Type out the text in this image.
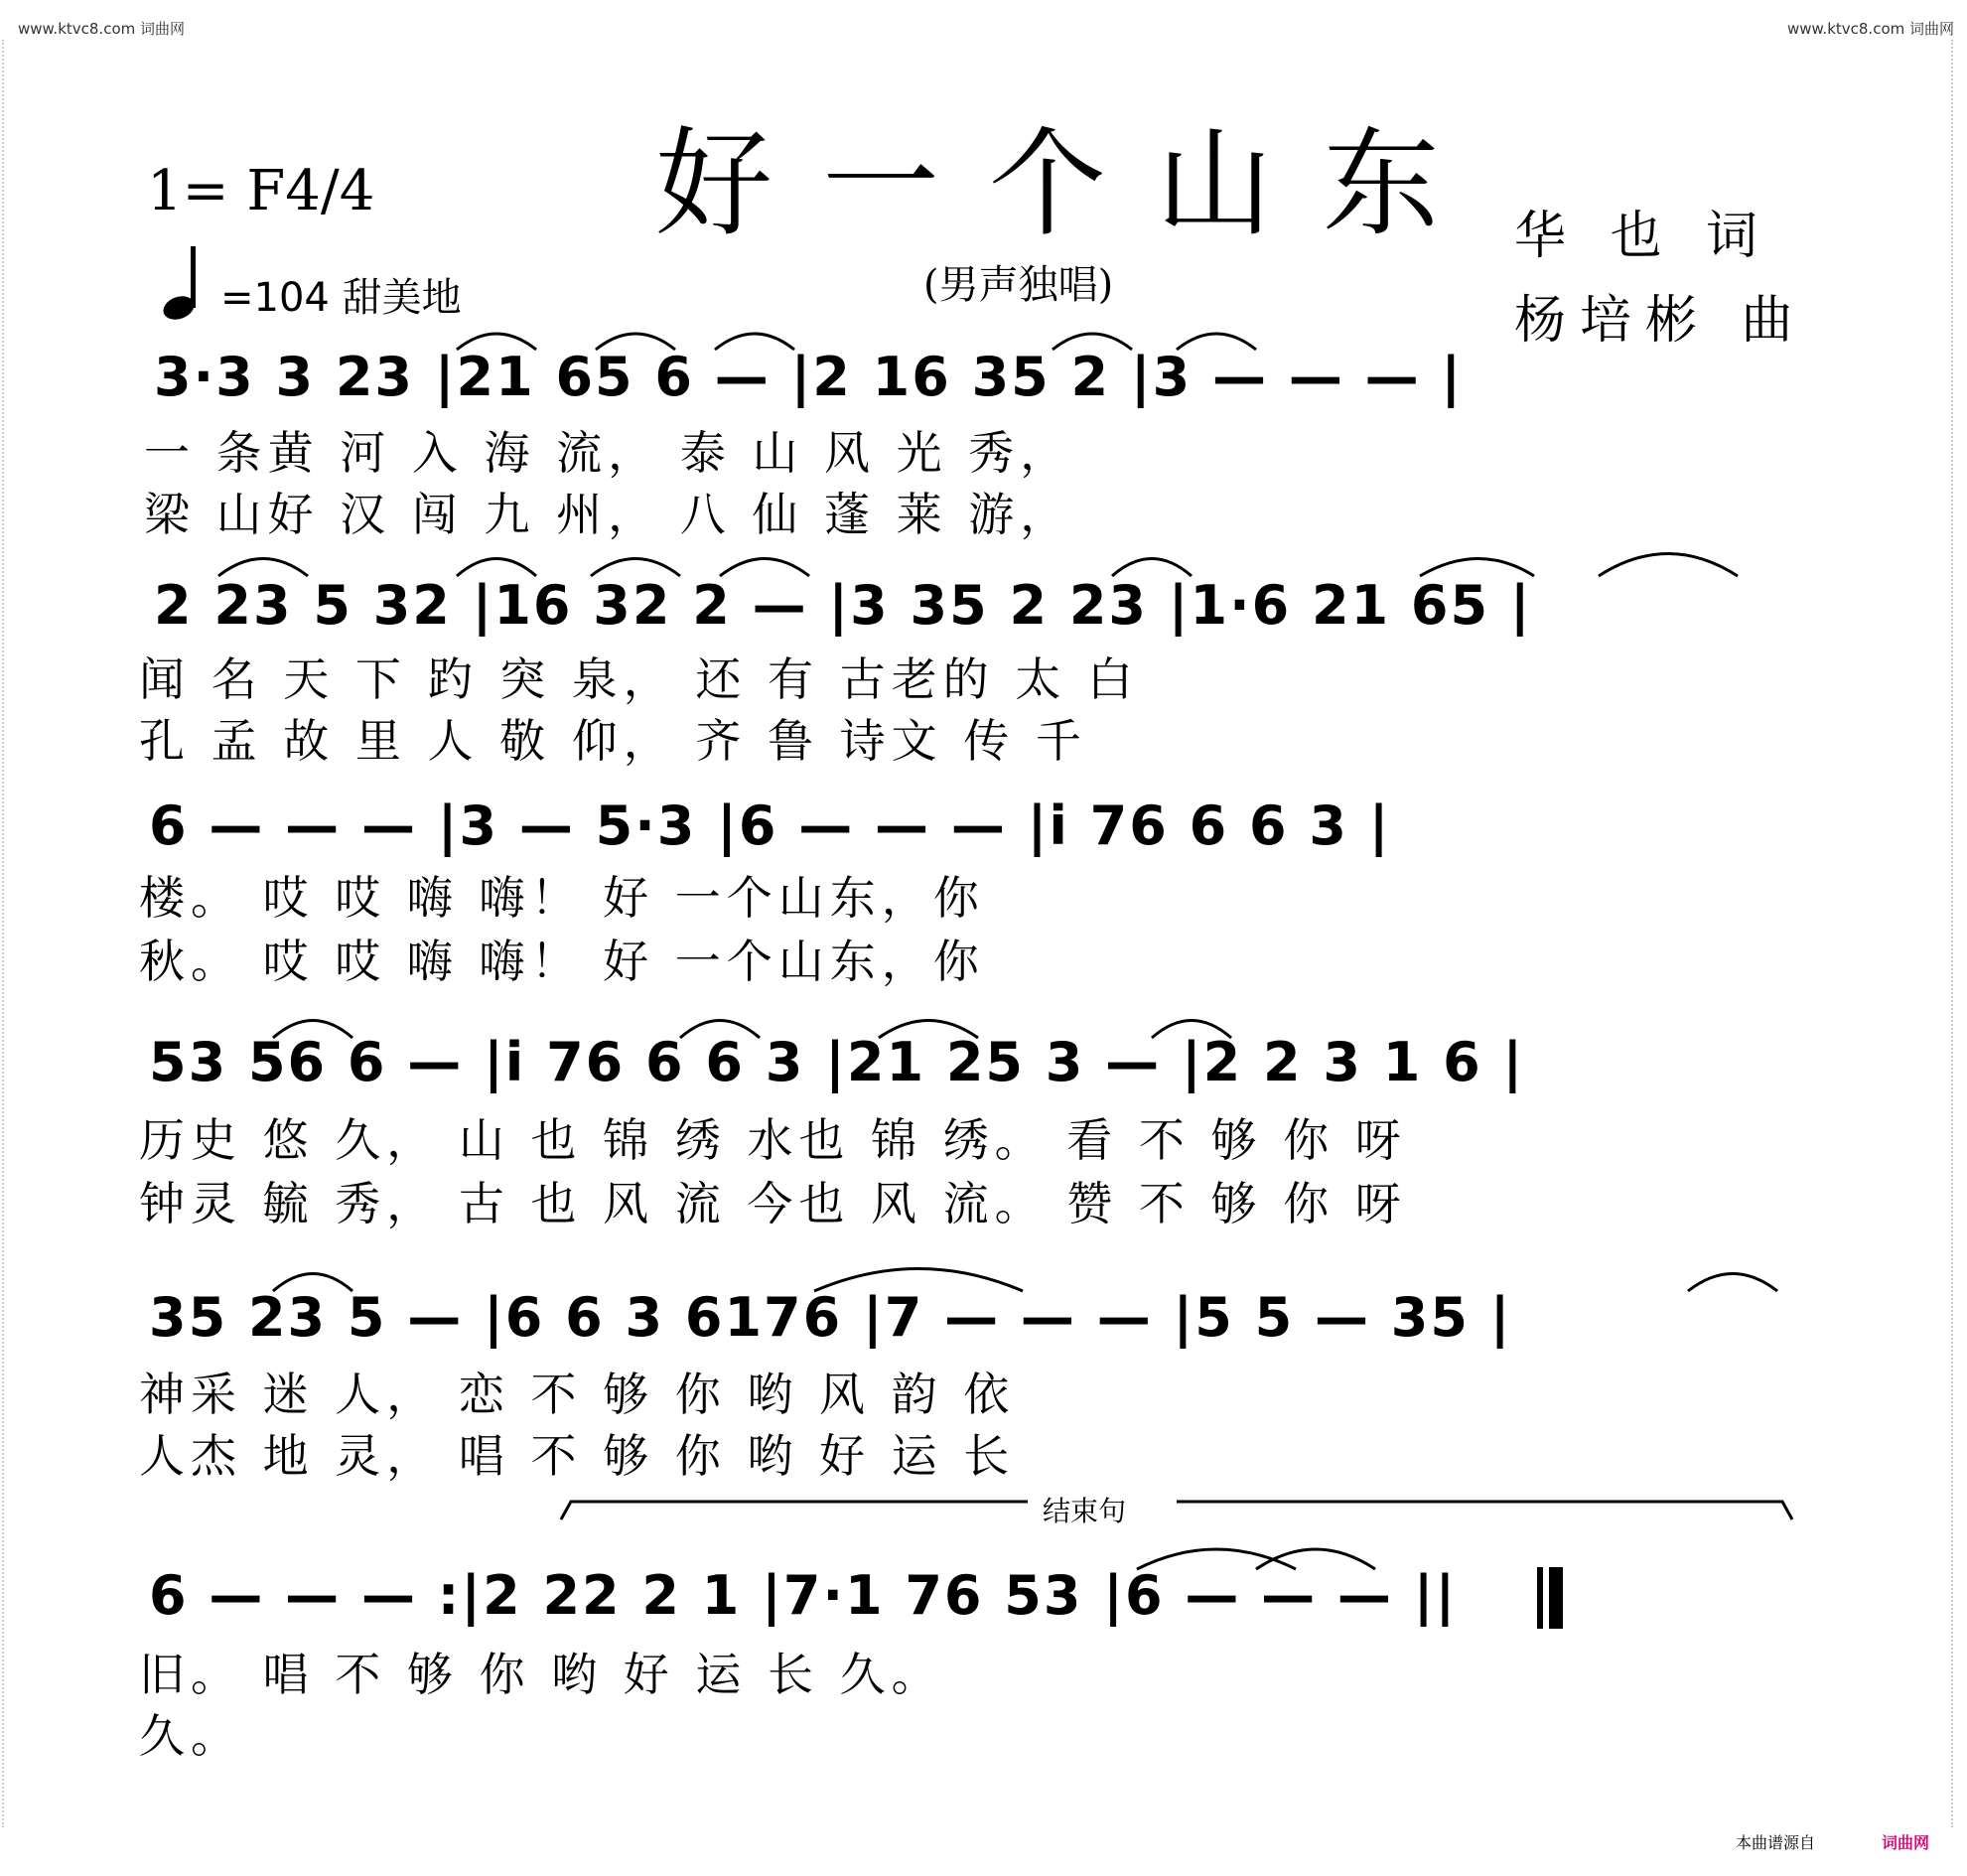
www.ktvc8.com 词曲网	www.ktvc8.com 词曲网
好一个山东
1= F4/4
=104 甜美地	(男声独唱)
华 也 词
杨培彬 曲
3·3 3 23 |21 65 6 — |2 16 35 2 |3 — — — |
一 条黄 河 入 海 流， 泰 山 风 光 秀，
梁 山好 汉 闯 九 州， 八 仙 蓬 莱 游，
2 23 5 32 |16 32 2 — |3 35 2 23 |1·6 21 65 |
闻 名 天 下 趵 突 泉， 还 有 古老的 太 白
孔 孟 故 里 人 敬 仰， 齐 鲁 诗文 传 千
6 — — — |3 — 5·3 |6 — — — |i 76 6 6 3 |
楼。 哎 哎 嗨 嗨！ 好 一个山东，你
秋。 哎 哎 嗨 嗨！ 好 一个山东，你
53 56 6 — |i 76 6 6 3 |21 25 3 — |2 2 3 1 6 |
历史 悠 久， 山 也 锦 绣 水也 锦 绣。 看 不 够 你 呀
钟灵 毓 秀， 古 也 风 流 今也 风 流。 赞 不 够 你 呀
35 23 5 — |6 6 3 6176 |7 — — — |5 5 — 35 |
神采 迷 人， 恋 不 够 你 哟 风 韵 依
人杰 地 灵， 唱 不 够 你 哟 好 运 长
结束句
6 — — — :|2 22 2 1 |7·1 76 53 |6 — — — ||
旧。 唱 不 够 你 哟 好 运 长 久。
久。
本曲谱源自	词曲网
